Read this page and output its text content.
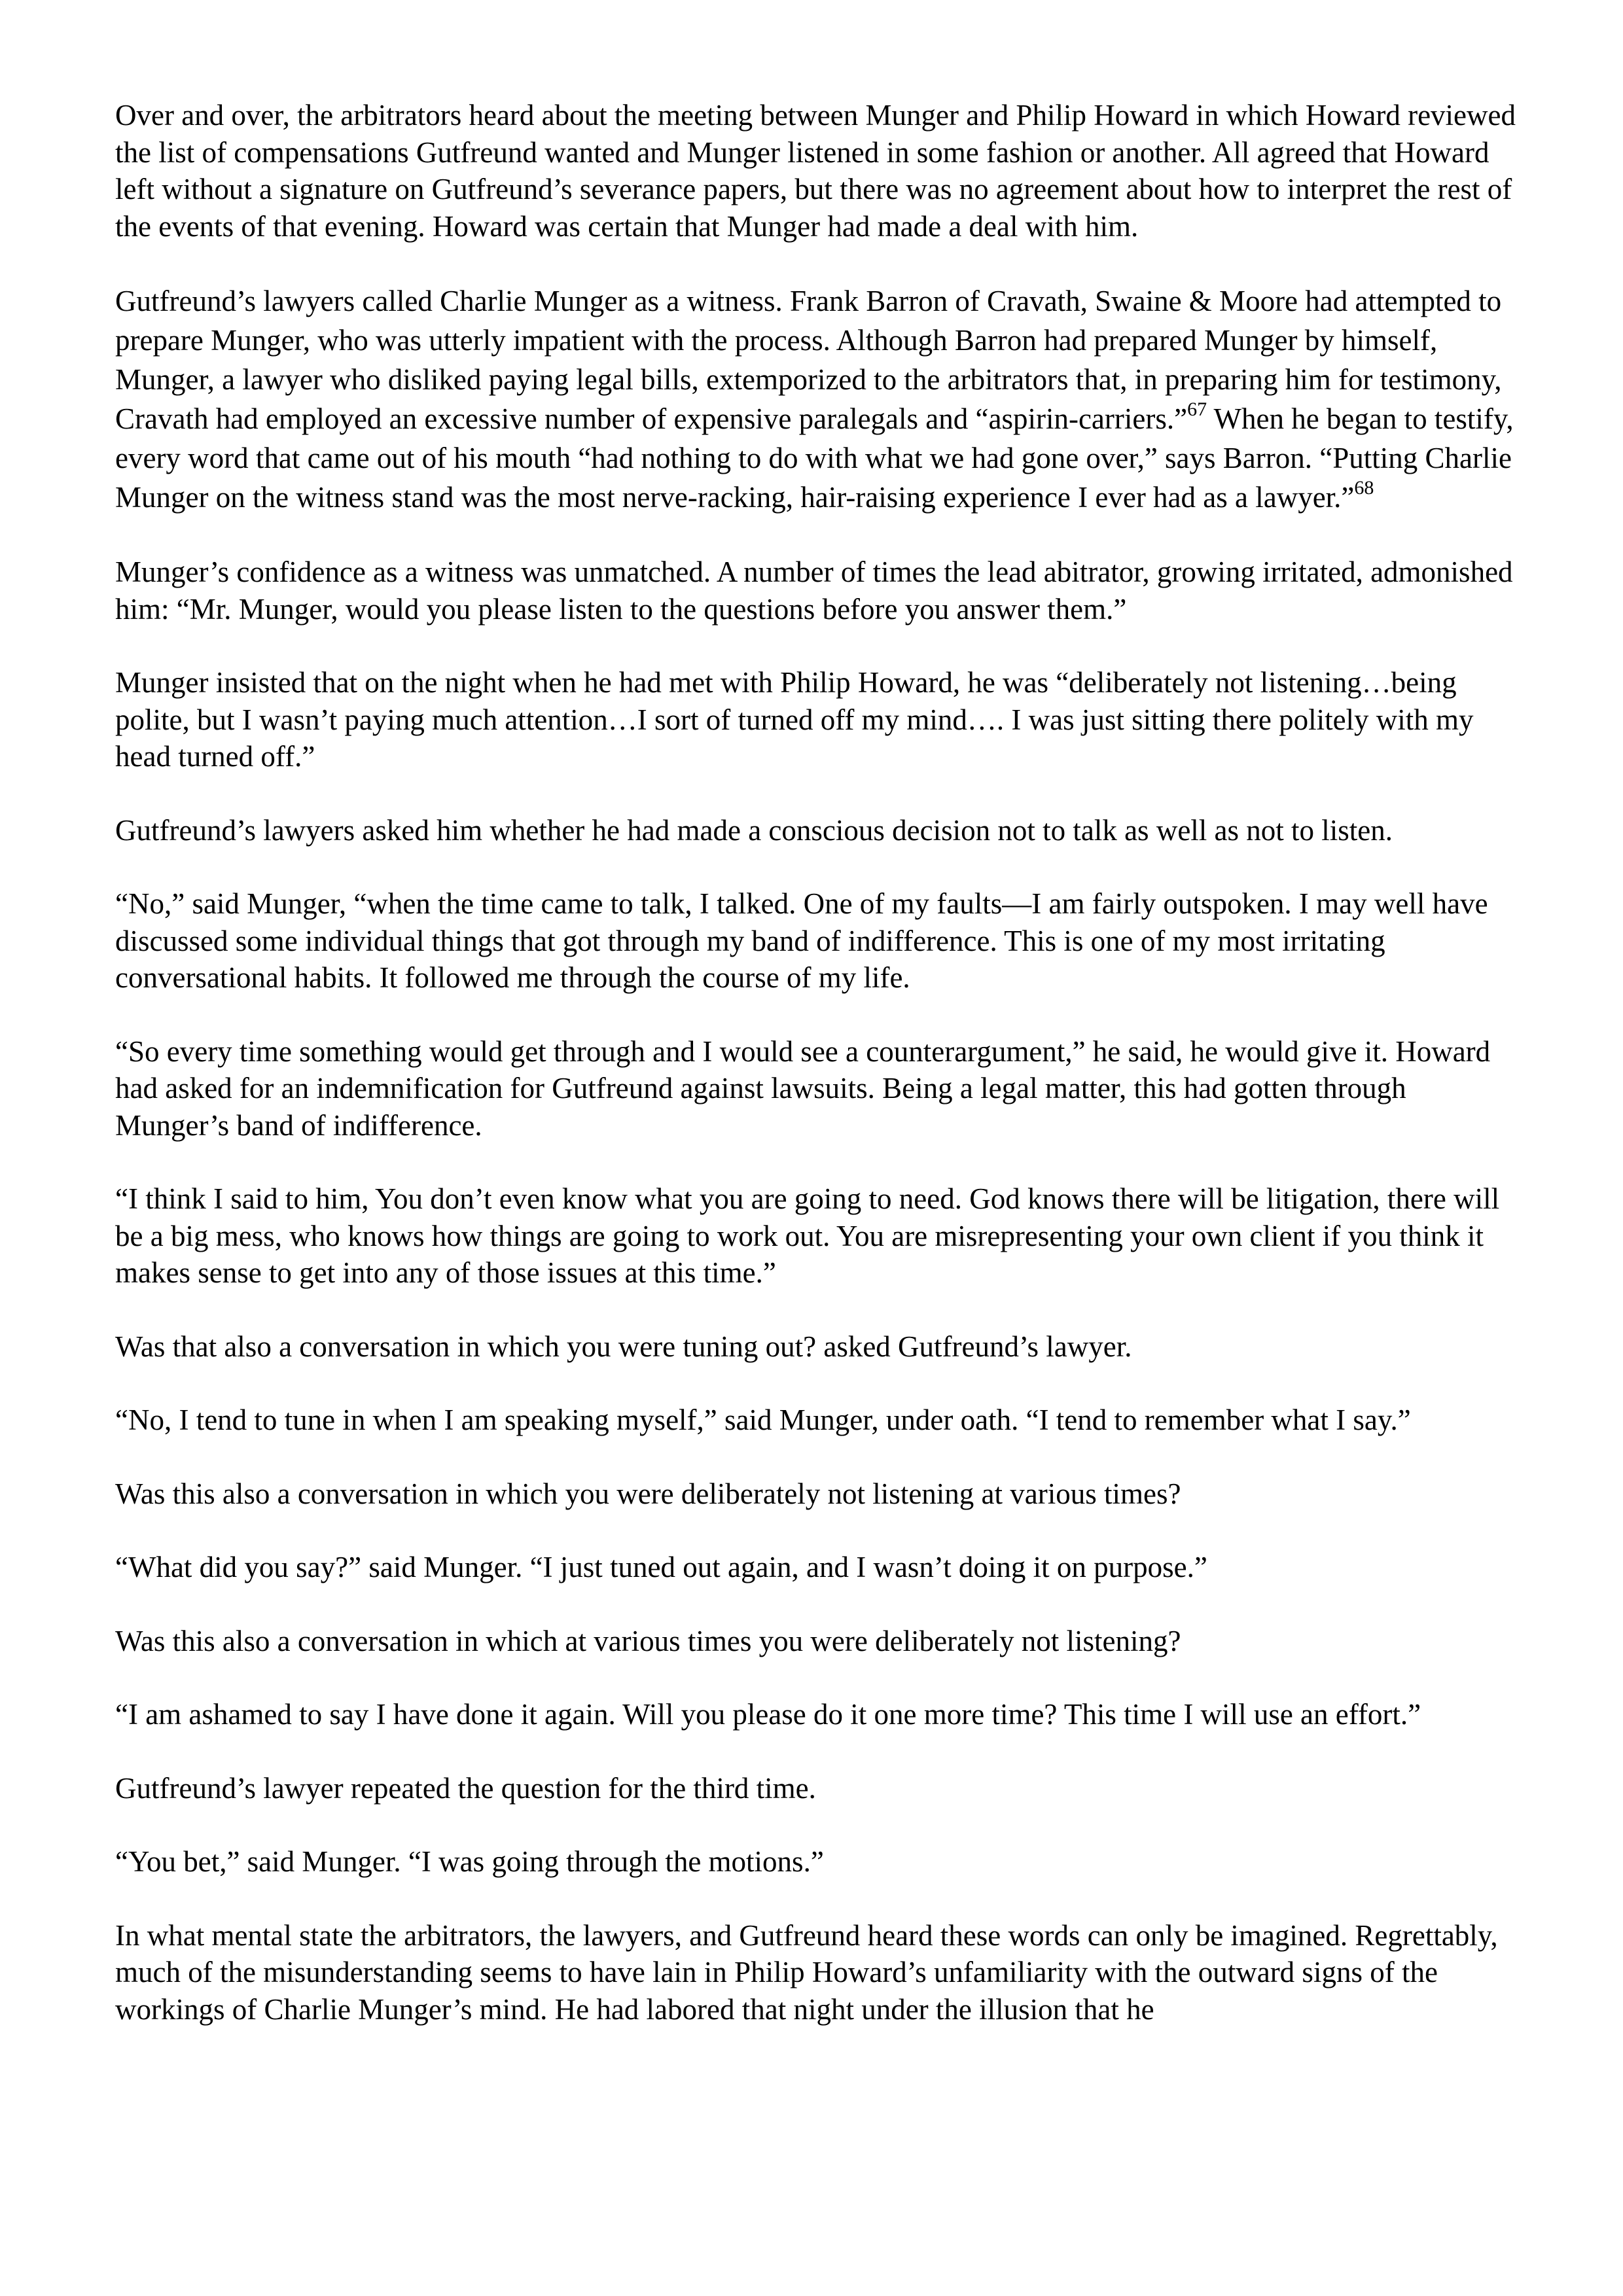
Over and over, the arbitrators heard about the meeting between Munger and Philip Howard in which Howard reviewed the list of compensations Gutfreund wanted and Munger listened in some fashion or another. All agreed that Howard left without a signature on Gutfreund’s severance papers, but there was no agreement about how to interpret the rest of the events of that evening. Howard was certain that Munger had made a deal with him.

Gutfreund’s lawyers called Charlie Munger as a witness. Frank Barron of Cravath, Swaine & Moore had attempted to prepare Munger, who was utterly impatient with the process. Although Barron had prepared Munger by himself, Munger, a lawyer who disliked paying legal bills, extemporized to the arbitrators that, in preparing him for testimony, Cravath had employed an excessive number of expensive paralegals and “aspirin-carriers.”$^{67}$ When he began to testify, every word that came out of his mouth “had nothing to do with what we had gone over,” says Barron. “Putting Charlie Munger on the witness stand was the most nerve-racking, hair-raising experience I ever had as a lawyer.”$^{68}$

Munger’s confidence as a witness was unmatched. A number of times the lead abitrator, growing irritated, admonished him: “Mr. Munger, would you please listen to the questions before you answer them.”

Munger insisted that on the night when he had met with Philip Howard, he was “deliberately not listening…being polite, but I wasn’t paying much attention…I sort of turned off my mind…. I was just sitting there politely with my head turned off.”

Gutfreund’s lawyers asked him whether he had made a conscious decision not to talk as well as not to listen.

“No,” said Munger, “when the time came to talk, I talked. One of my faults—I am fairly outspoken. I may well have discussed some individual things that got through my band of indifference. This is one of my most irritating conversational habits. It followed me through the course of my life.

“So every time something would get through and I would see a counterargument,” he said, he would give it. Howard had asked for an indemnification for Gutfreund against lawsuits. Being a legal matter, this had gotten through Munger’s band of indifference.

“I think I said to him, You don’t even know what you are going to need. God knows there will be litigation, there will be a big mess, who knows how things are going to work out. You are misrepresenting your own client if you think it makes sense to get into any of those issues at this time.”

Was that also a conversation in which you were tuning out? asked Gutfreund’s lawyer.

“No, I tend to tune in when I am speaking myself,” said Munger, under oath. “I tend to remember what I say.”

Was this also a conversation in which you were deliberately not listening at various times?

“What did you say?” said Munger. “I just tuned out again, and I wasn’t doing it on purpose.”

Was this also a conversation in which at various times you were deliberately not listening?

“I am ashamed to say I have done it again. Will you please do it one more time? This time I will use an effort.”

Gutfreund’s lawyer repeated the question for the third time.

“You bet,” said Munger. “I was going through the motions.”

In what mental state the arbitrators, the lawyers, and Gutfreund heard these words can only be imagined. Regrettably, much of the misunderstanding seems to have lain in Philip Howard’s unfamiliarity with the outward signs of the workings of Charlie Munger’s mind. He had labored that night under the illusion that he
